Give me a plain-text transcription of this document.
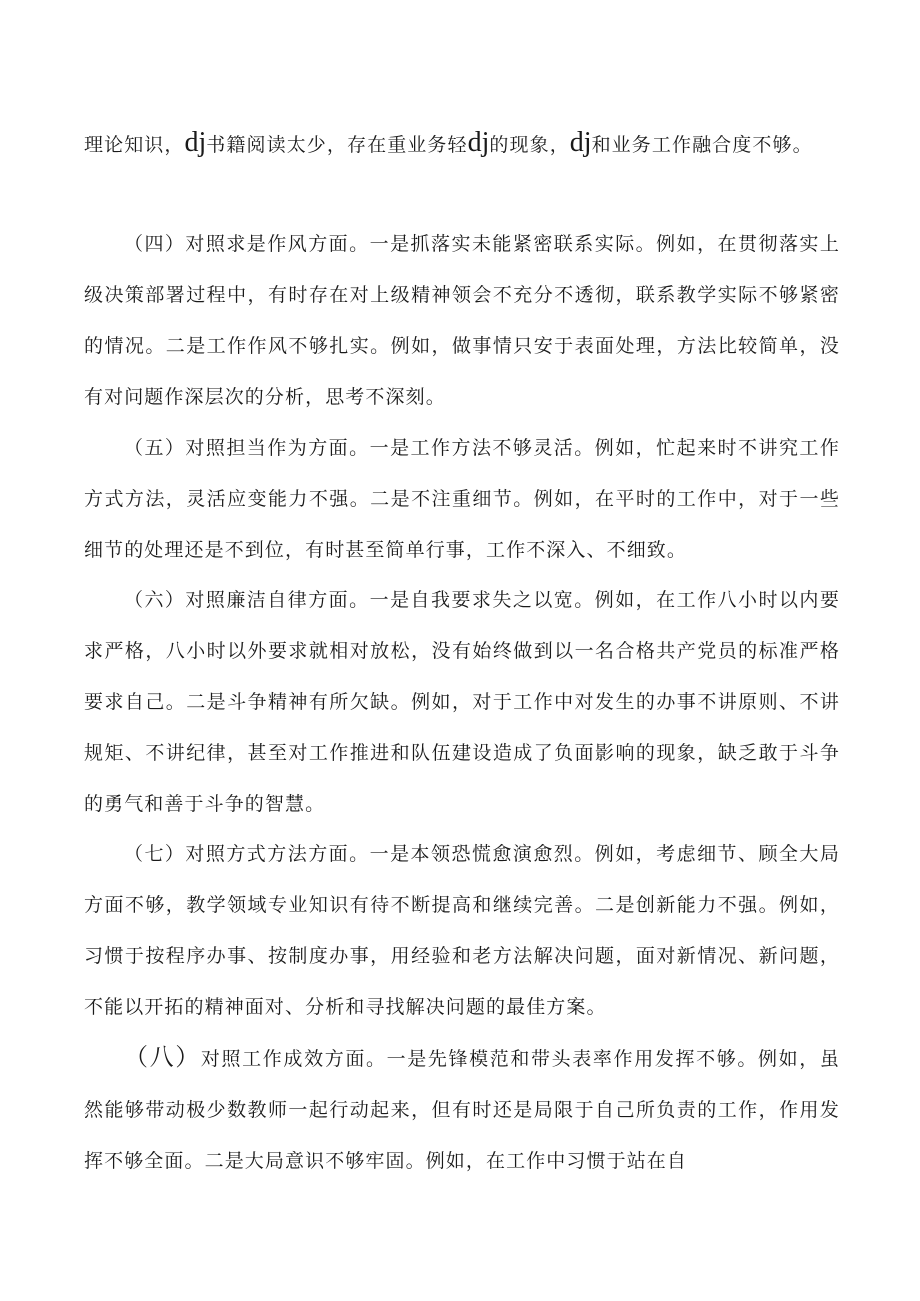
理论知识，dj书籍阅读太少，存在重业务轻dj的现象，dj和业务工作融合度不够。

（四）对照求是作风方面。一是抓落实未能紧密联系实际。例如，在贯彻落实上级决策部署过程中，有时存在对上级精神领会不充分不透彻，联系教学实际不够紧密的情况。二是工作作风不够扎实。例如，做事情只安于表面处理，方法比较简单，没有对问题作深层次的分析，思考不深刻。

（五）对照担当作为方面。一是工作方法不够灵活。例如，忙起来时不讲究工作方式方法，灵活应变能力不强。二是不注重细节。例如，在平时的工作中，对于一些细节的处理还是不到位，有时甚至简单行事，工作不深入、不细致。

（六）对照廉洁自律方面。一是自我要求失之以宽。例如，在工作八小时以内要求严格，八小时以外要求就相对放松，没有始终做到以一名合格共产党员的标准严格要求自己。二是斗争精神有所欠缺。例如，对于工作中对发生的办事不讲原则、不讲规矩、不讲纪律，甚至对工作推进和队伍建设造成了负面影响的现象，缺乏敢于斗争的勇气和善于斗争的智慧。

（七）对照方式方法方面。一是本领恐慌愈演愈烈。例如，考虑细节、顾全大局方面不够，教学领域专业知识有待不断提高和继续完善。二是创新能力不强。例如，习惯于按程序办事、按制度办事，用经验和老方法解决问题，面对新情况、新问题，不能以开拓的精神面对、分析和寻找解决问题的最佳方案。

（八）对照工作成效方面。一是先锋模范和带头表率作用发挥不够。例如，虽然能够带动极少数教师一起行动起来，但有时还是局限于自己所负责的工作，作用发挥不够全面。二是大局意识不够牢固。例如，在工作中习惯于站在自
